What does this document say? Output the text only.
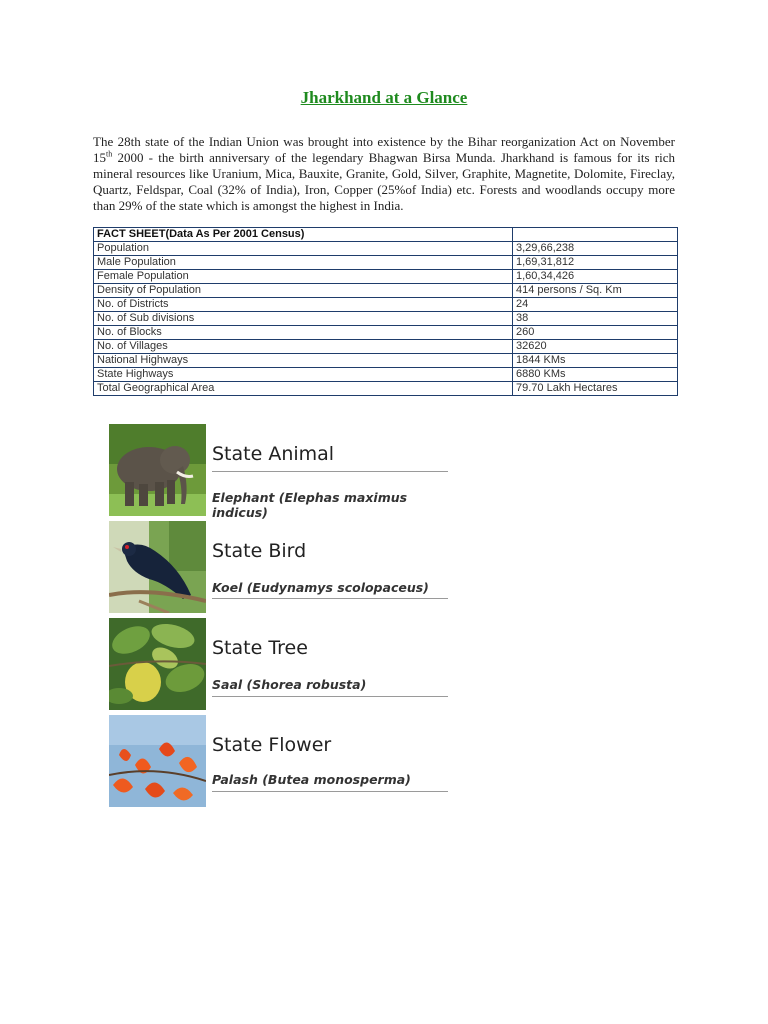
Jharkhand at a Glance

The 28th state of the Indian Union was brought into existence by the Bihar reorganization Act on November 15th 2000 - the birth anniversary of the legendary Bhagwan Birsa Munda. Jharkhand is famous for its rich mineral resources like Uranium, Mica, Bauxite, Granite, Gold, Silver, Graphite, Magnetite, Dolomite, Fireclay, Quartz, Feldspar, Coal (32% of India), Iron, Copper (25%of India) etc. Forests and woodlands occupy more than 29% of the state which is amongst the highest in India.

FACT SHEET(Data As Per 2001 Census)	
Population	3,29,66,238
Male Population	1,69,31,812
Female Population	1,60,34,426
Density of Population	414 persons / Sq. Km
No. of Districts	24
No. of Sub divisions	38
No. of Blocks	260
No. of Villages	32620
National Highways	1844 KMs
State Highways	6880 KMs
Total Geographical Area	79.70 Lakh Hectares
State Animal
Elephant (Elephas maximus indicus)
State Bird
Koel (Eudynamys scolopaceus)
State Tree
Saal (Shorea robusta)
State Flower
Palash (Butea monosperma)
